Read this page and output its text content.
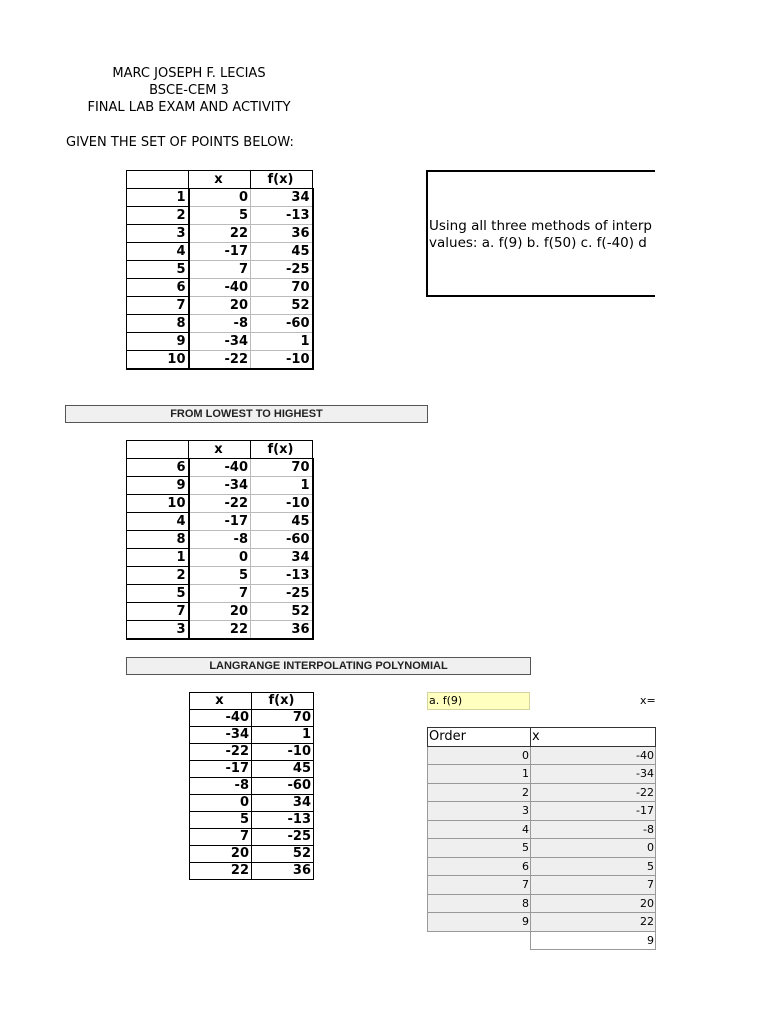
MARC JOSEPH F. LECIAS
BSCE-CEM 3
FINAL LAB EXAM AND ACTIVITY
GIVEN THE SET OF POINTS BELOW:
	x	f(x)
1	0	34
2	5	-13
3	22	36
4	-17	45
5	7	-25
6	-40	70
7	20	52
8	-8	-60
9	-34	1
10	-22	-10
Using all three methods of interp
values: a. f(9) b. f(50) c. f(-40) d
FROM LOWEST TO HIGHEST
	x	f(x)
6	-40	70
9	-34	1
10	-22	-10
4	-17	45
8	-8	-60
1	0	34
2	5	-13
5	7	-25
7	20	52
3	22	36
LANGRANGE INTERPOLATING POLYNOMIAL
x	f(x)
-40	70
-34	1
-22	-10
-17	45
-8	-60
0	34
5	-13
7	-25
20	52
22	36
a. f(9)	x=
Order	x
0	-40
1	-34
2	-22
3	-17
4	-8
5	0
6	5
7	7
8	20
9	22
	9
